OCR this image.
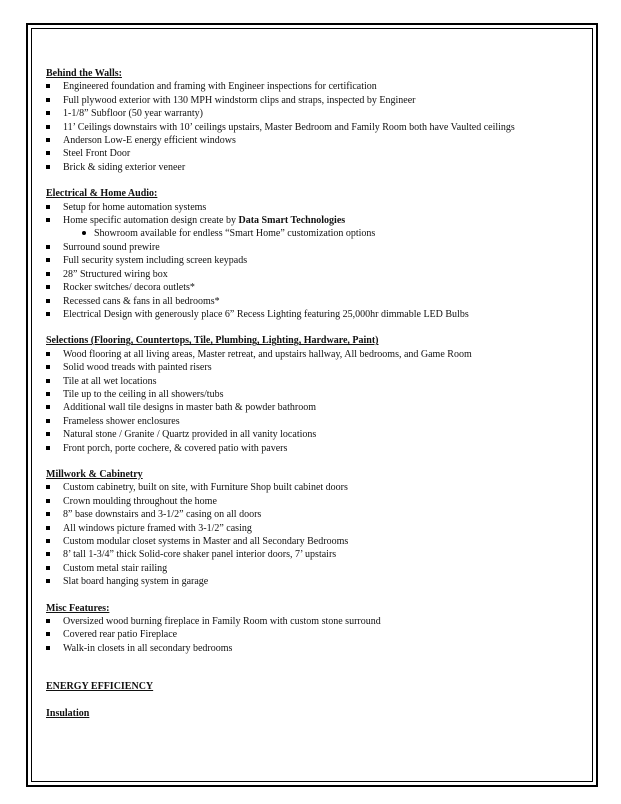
Behind the Walls:
Engineered foundation and framing with Engineer inspections for certification
Full plywood exterior with 130 MPH windstorm clips and straps, inspected by Engineer
1-1/8” Subfloor (50 year warranty)
11’ Ceilings downstairs with 10’ ceilings upstairs, Master Bedroom and Family Room both have Vaulted ceilings
Anderson Low-E energy efficient windows
Steel Front Door
Brick & siding exterior veneer
Electrical & Home Audio:
Setup for home automation systems
Home specific automation design create by Data Smart Technologies
Showroom available for endless “Smart Home” customization options
Surround sound prewire
Full security system including screen keypads
28” Structured wiring box
Rocker switches/ decora outlets*
Recessed cans & fans in all bedrooms*
Electrical Design with generously place 6” Recess Lighting featuring 25,000hr dimmable LED Bulbs
Selections (Flooring, Countertops, Tile, Plumbing, Lighting, Hardware, Paint)
Wood flooring at all living areas, Master retreat, and upstairs hallway, All bedrooms, and Game Room
Solid wood treads with painted risers
Tile at all wet locations
Tile up to the ceiling in all showers/tubs
Additional wall tile designs in master bath & powder bathroom
Frameless shower enclosures
Natural stone / Granite / Quartz provided in all vanity locations
Front porch, porte cochere, & covered patio with pavers
Millwork & Cabinetry
Custom cabinetry, built on site, with Furniture Shop built cabinet doors
Crown moulding throughout the home
8” base downstairs and 3-1/2” casing on all doors
All windows picture framed with 3-1/2” casing
Custom modular closet systems in Master and all Secondary Bedrooms
8’ tall 1-3/4” thick Solid-core shaker panel interior doors, 7’ upstairs
Custom metal stair railing
Slat board hanging system in garage
Misc Features:
Oversized wood burning fireplace in Family Room with custom stone surround
Covered rear patio Fireplace
Walk-in closets in all secondary bedrooms
ENERGY EFFICIENCY
Insulation
